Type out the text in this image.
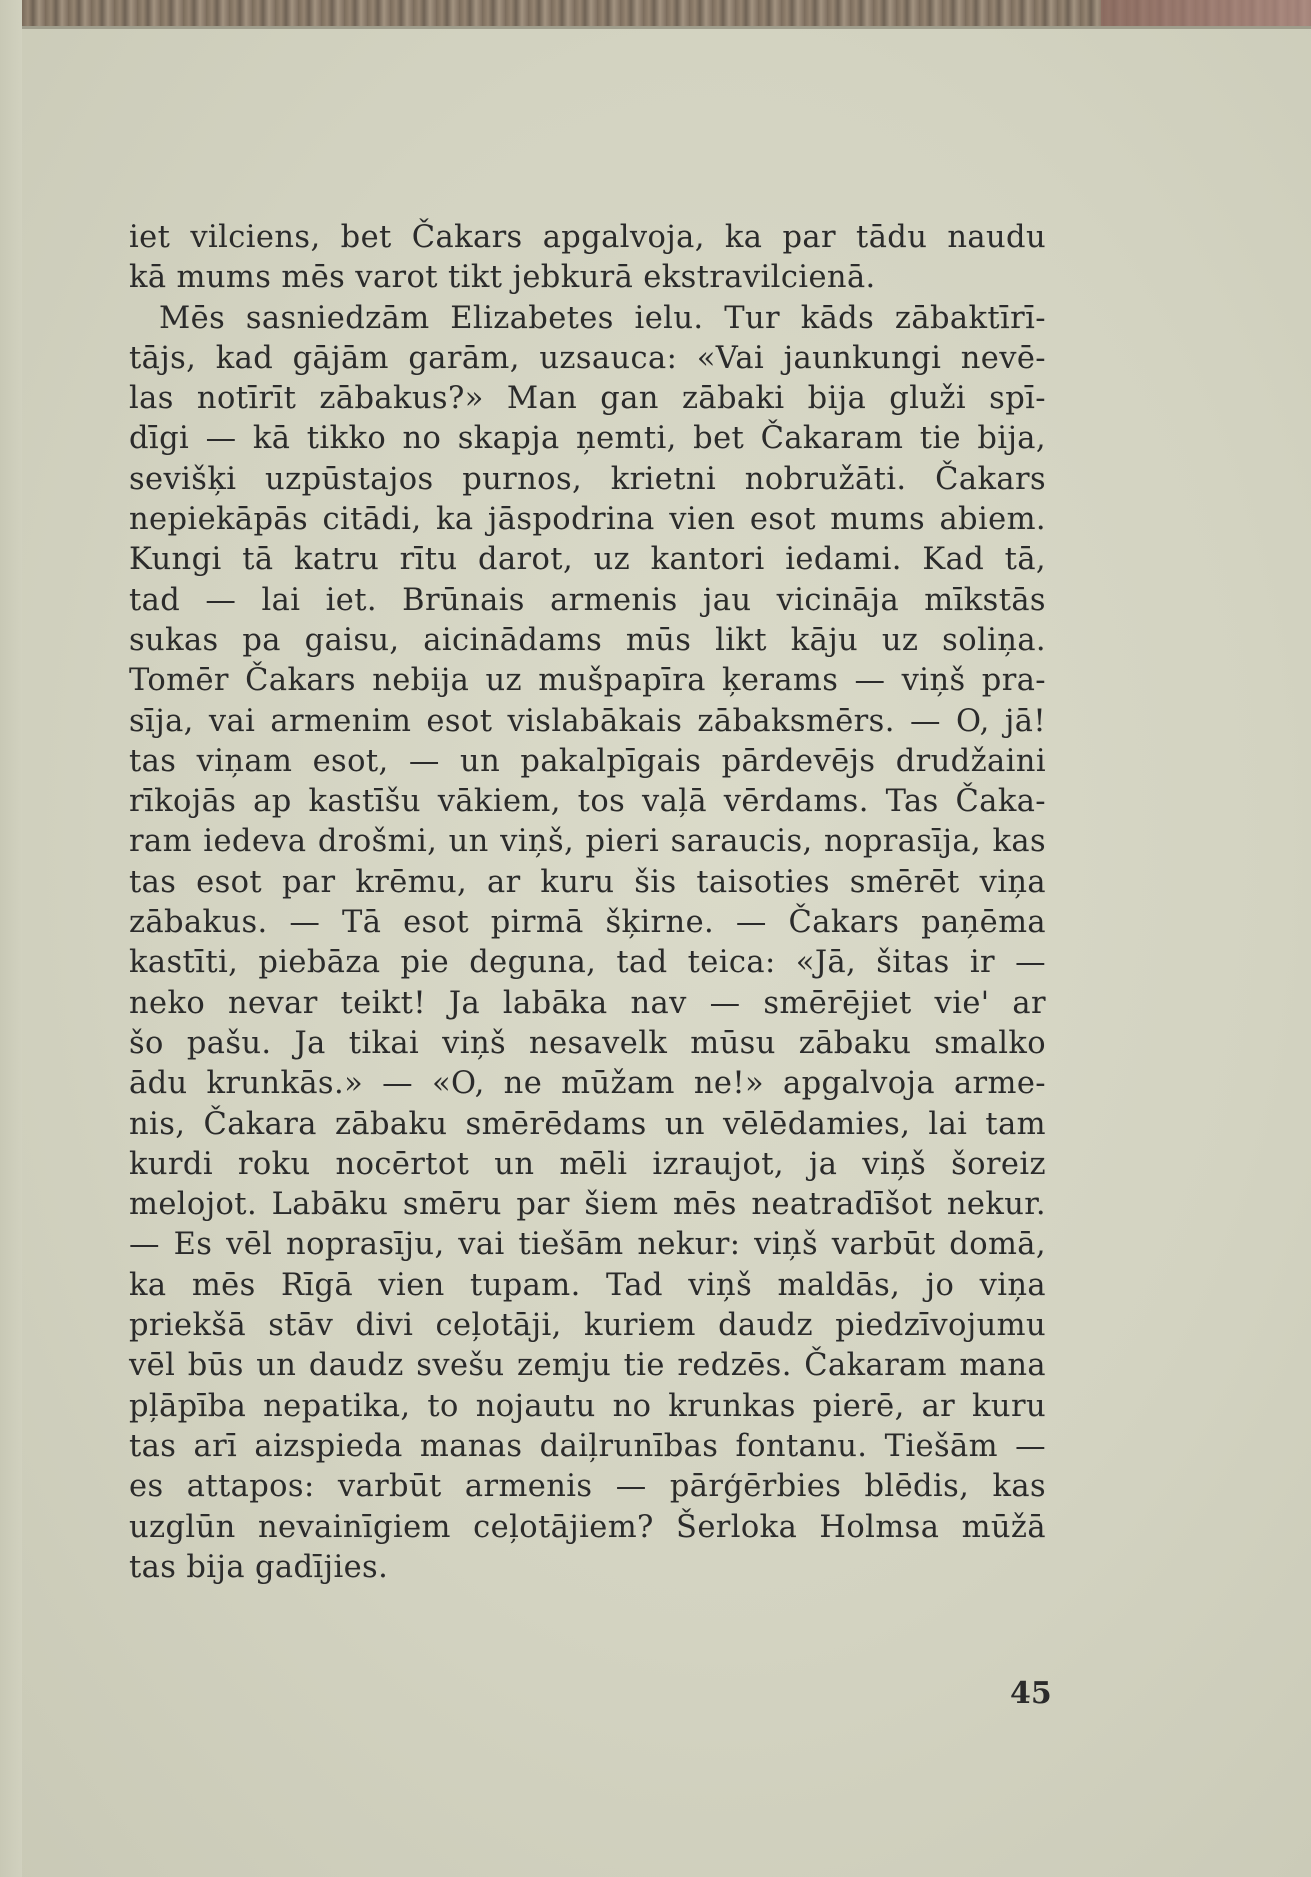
iet vilciens, bet Čakars apgalvoja, ka par tādu naudu
kā mums mēs varot tikt jebkurā ekstravilcienā.
Mēs sasniedzām Elizabetes ielu. Tur kāds zābaktīrī-
tājs, kad gājām garām, uzsauca: «Vai jaunkungi nevē-
las notīrīt zābakus?» Man gan zābaki bija gluži spī-
dīgi — kā tikko no skapja ņemti, bet Čakaram tie bija,
sevišķi uzpūstajos purnos, krietni nobružāti. Čakars
nepiekāpās citādi, ka jāspodrina vien esot mums abiem.
Kungi tā katru rītu darot, uz kantori iedami. Kad tā,
tad — lai iet. Brūnais armenis jau vicināja mīkstās
sukas pa gaisu, aicinādams mūs likt kāju uz soliņa.
Tomēr Čakars nebija uz mušpapīra ķerams — viņš pra-
sīja, vai armenim esot vislabākais zābaksmērs. — O, jā!
tas viņam esot, — un pakalpīgais pārdevējs drudžaini
rīkojās ap kastīšu vākiem, tos vaļā vērdams. Tas Čaka-
ram iedeva drošmi, un viņš, pieri saraucis, noprasīja, kas
tas esot par krēmu, ar kuru šis taisoties smērēt viņa
zābakus. — Tā esot pirmā šķirne. — Čakars paņēma
kastīti, piebāza pie deguna, tad teica: «Jā, šitas ir —
neko nevar teikt! Ja labāka nav — smērējiet vie' ar
šo pašu. Ja tikai viņš nesavelk mūsu zābaku smalko
ādu krunkās.» — «O, ne mūžam ne!» apgalvoja arme-
nis, Čakara zābaku smērēdams un vēlēdamies, lai tam
kurdi roku nocērtot un mēli izraujot, ja viņš šoreiz
melojot. Labāku smēru par šiem mēs neatradīšot nekur.
— Es vēl noprasīju, vai tiešām nekur: viņš varbūt domā,
ka mēs Rīgā vien tupam. Tad viņš maldās, jo viņa
priekšā stāv divi ceļotāji, kuriem daudz piedzīvojumu
vēl būs un daudz svešu zemju tie redzēs. Čakaram mana
pļāpība nepatika, to nojautu no krunkas pierē, ar kuru
tas arī aizspieda manas daiļrunības fontanu. Tiešām —
es attapos: varbūt armenis — pārģērbies blēdis, kas
uzglūn nevainīgiem ceļotājiem? Šerloka Holmsa mūžā
tas bija gadījies.
45
